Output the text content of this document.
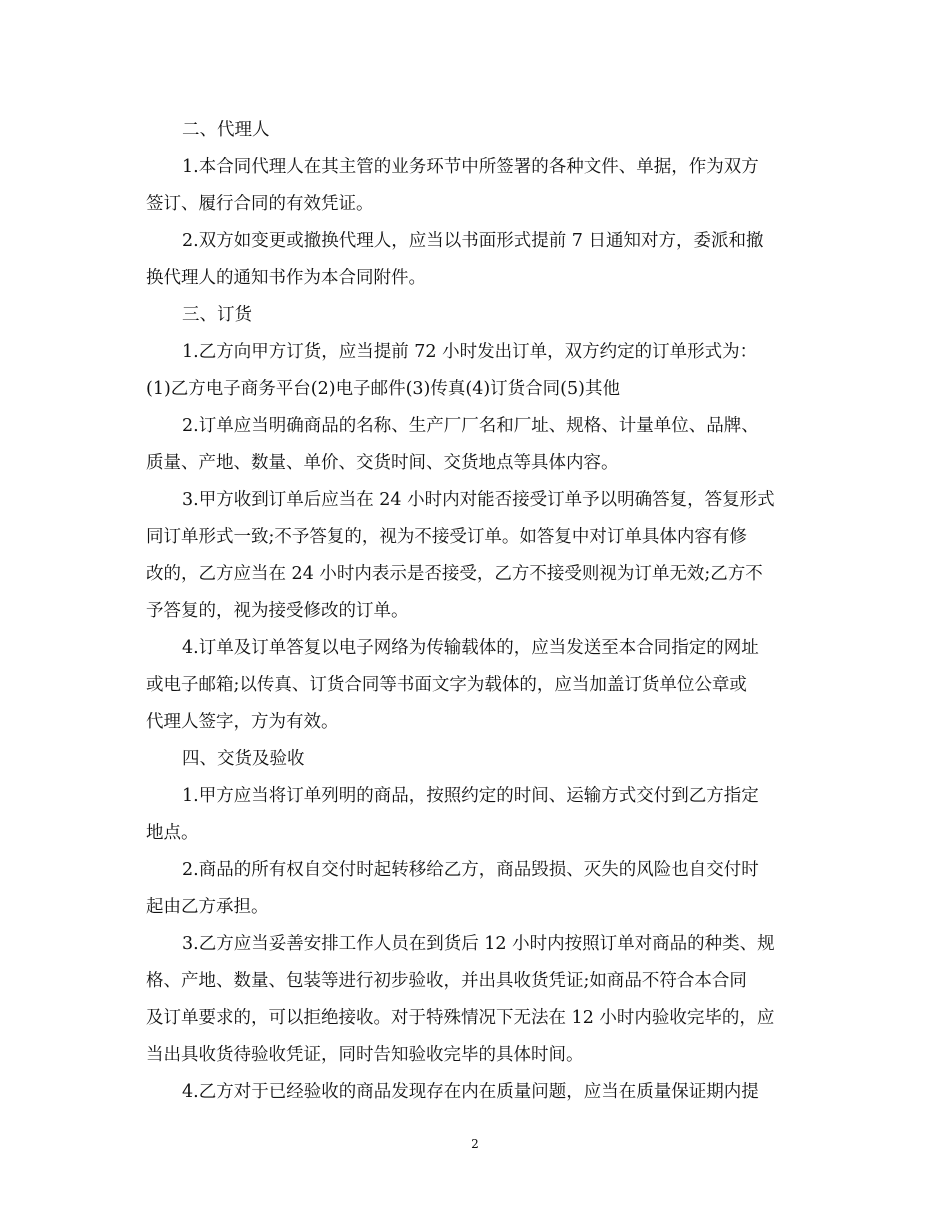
二、代理人
1.本合同代理人在其主管的业务环节中所签署的各种文件、单据，作为双方
签订、履行合同的有效凭证。
2.双方如变更或撤换代理人，应当以书面形式提前 7 日通知对方，委派和撤
换代理人的通知书作为本合同附件。
三、订货
1.乙方向甲方订货，应当提前 72 小时发出订单，双方约定的订单形式为：
(1)乙方电子商务平台(2)电子邮件(3)传真(4)订货合同(5)其他
2.订单应当明确商品的名称、生产厂厂名和厂址、规格、计量单位、品牌、
质量、产地、数量、单价、交货时间、交货地点等具体内容。
3.甲方收到订单后应当在 24 小时内对能否接受订单予以明确答复，答复形式
同订单形式一致;不予答复的，视为不接受订单。如答复中对订单具体内容有修
改的，乙方应当在 24 小时内表示是否接受，乙方不接受则视为订单无效;乙方不
予答复的，视为接受修改的订单。
4.订单及订单答复以电子网络为传输载体的，应当发送至本合同指定的网址
或电子邮箱;以传真、订货合同等书面文字为载体的，应当加盖订货单位公章或
代理人签字，方为有效。
四、交货及验收
1.甲方应当将订单列明的商品，按照约定的时间、运输方式交付到乙方指定
地点。
2.商品的所有权自交付时起转移给乙方，商品毁损、灭失的风险也自交付时
起由乙方承担。
3.乙方应当妥善安排工作人员在到货后 12 小时内按照订单对商品的种类、规
格、产地、数量、包装等进行初步验收，并出具收货凭证;如商品不符合本合同
及订单要求的，可以拒绝接收。对于特殊情况下无法在 12 小时内验收完毕的，应
当出具收货待验收凭证，同时告知验收完毕的具体时间。
4.乙方对于已经验收的商品发现存在内在质量问题，应当在质量保证期内提
2
